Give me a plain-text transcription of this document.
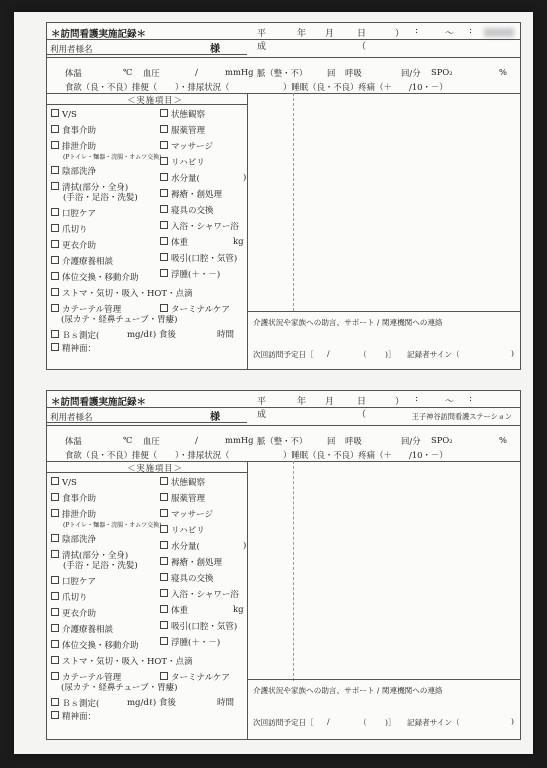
＊訪問看護実施記録＊	平成
年 月	日（
） :	～ :
利用者様名	様
体温	℃ 血圧	/	mmHg 脈（整・不） 回 呼吸	回/分 SPO₂	%
食欲（良・不良）排便（ ）・排尿状況（	）睡眠（良・不良）疼痛（＋ /10・－）
＜実施項目＞
V/S
食事介助
排泄介助
(Pトイレ・麵器・浣腸・オムツ交換)
陰部洗浄
清拭(部分・全身)
(手浴・足浴・洗髪)
口腔ケア
爪切り
更衣介助
介護療養相談
体位交換・移動介助
ストマ・気切・吸入・HOT・点滴
カテーテル管理
(尿カテ・経鼻チューブ・胃瘻)
Ｂｓ測定(	mg/dℓ) 食後	時間
精神面：
状態観察
服薬管理
マッサージ
リハビリ
水分量(	)
褥瘡・創処理
寝具の交換
入浴・シャワー浴
体重	kg
吸引(口腔・気管)
浮腫(＋・－)
ターミナルケア
介護状況や家族への助言、サポート / 関連機関への連絡
次回訪問予定日［ /	（ )］ 記録者サイン（	)
＊訪問看護実施記録＊	平成
年 月	日（
） :	～ :
利用者様名	様	王子神谷訪問看護ステーション
体温	℃ 血圧	/	mmHg 脈（整・不） 回 呼吸	回/分 SPO₂	%
食欲（良・不良）排便（ ）・排尿状況（	）睡眠（良・不良）疼痛（＋ /10・－）
＜実施項目＞
V/S
食事介助
排泄介助
(Pトイレ・麵器・浣腸・オムツ交換)
陰部洗浄
清拭(部分・全身)
(手浴・足浴・洗髪)
口腔ケア
爪切り
更衣介助
介護療養相談
体位交換・移動介助
ストマ・気切・吸入・HOT・点滴
カテーテル管理
(尿カテ・経鼻チューブ・胃瘻)
Ｂｓ測定(	mg/dℓ) 食後	時間
精神面：
状態観察
服薬管理
マッサージ
リハビリ
水分量(	)
褥瘡・創処理
寝具の交換
入浴・シャワー浴
体重	kg
吸引(口腔・気管)
浮腫(＋・－)
ターミナルケア
介護状況や家族への助言、サポート / 関連機関への連絡
次回訪問予定日［ /	（ )］ 記録者サイン（	)
